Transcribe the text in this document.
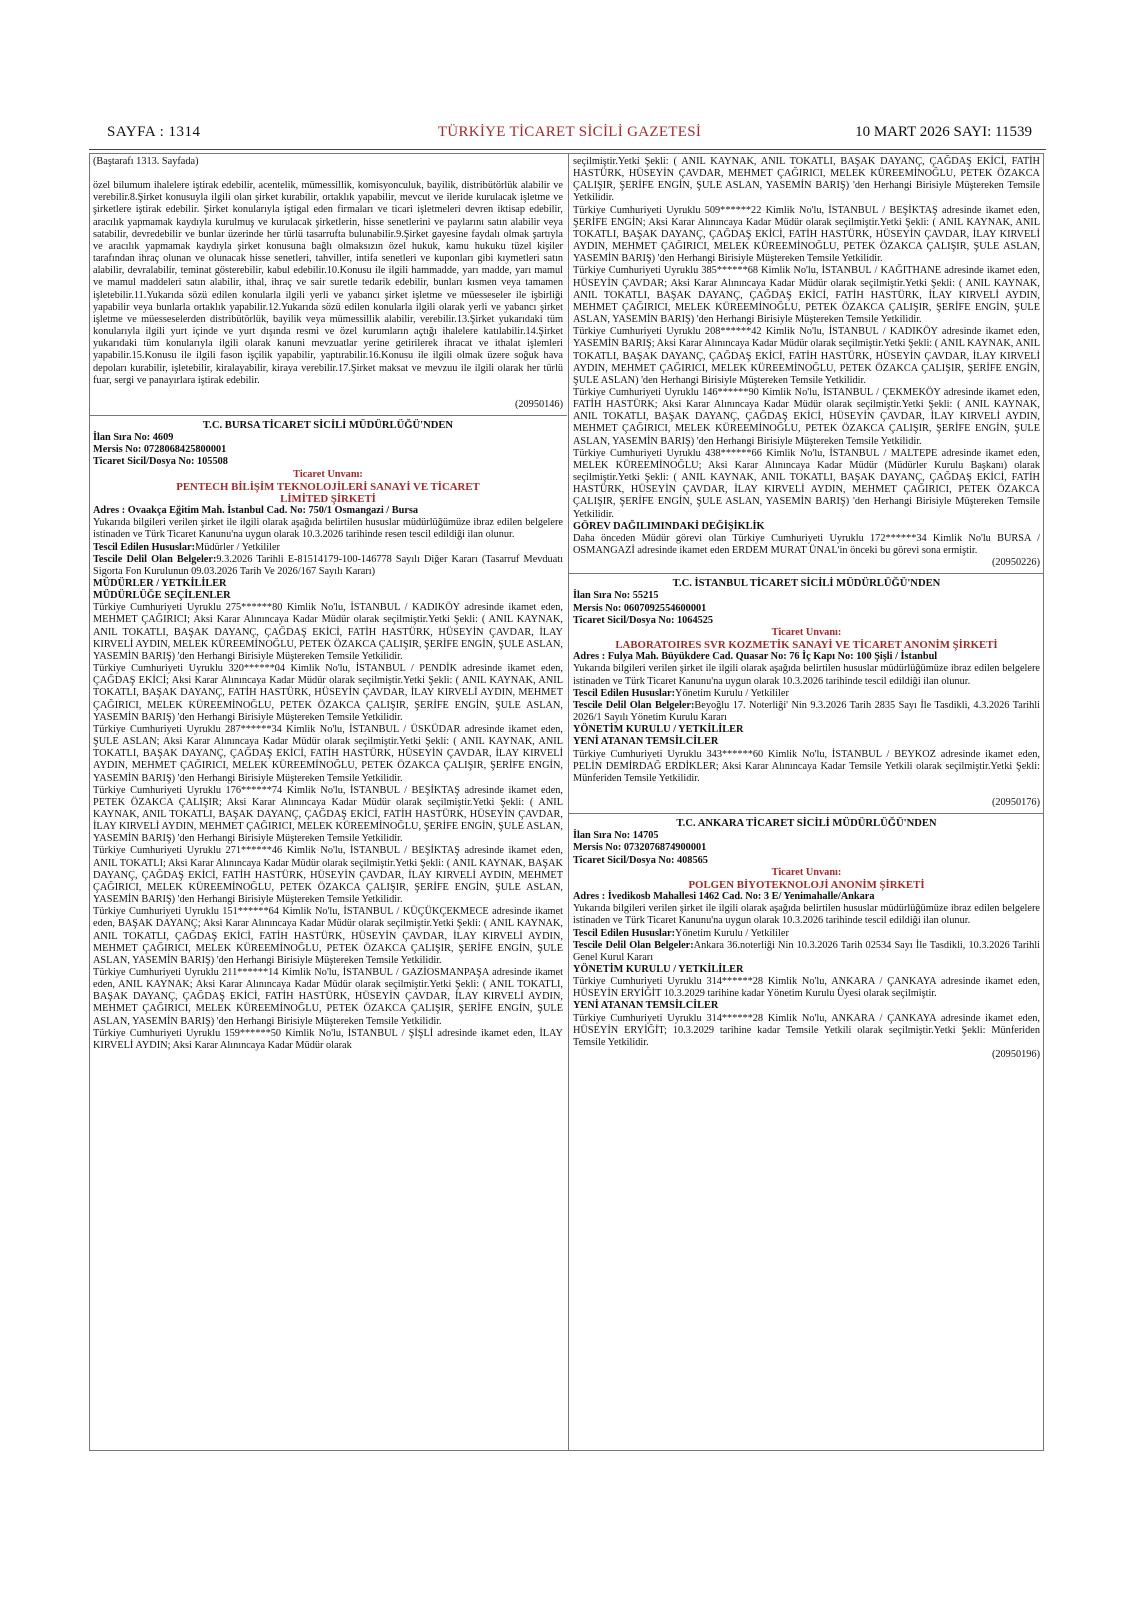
SAYFA : 1314	TÜRKİYE TİCARET SİCİLİ GAZETESİ	10 MART 2026 SAYI: 11539

(Baştarafı 1313. Sayfada)

özel bilumum ihalelere iştirak edebilir, acentelik, mümessillik, komisyonculuk, bayilik, distribütörlük alabilir ve verebilir.8.Şirket konusuyla ilgili olan şirket kurabilir, ortaklık yapabilir, mevcut ve ileride kurulacak işletme ve şirketlere iştirak edebilir. Şirket konularıyla iştigal eden firmaları ve ticari işletmeleri devren iktisap edebilir, aracılık yapmamak kaydıyla kurulmuş ve kurulacak şirketlerin, hisse senetlerini ve paylarını satın alabilir veya satabilir, devredebilir ve bunlar üzerinde her türlü tasarrufta bulunabilir.9.Şirket gayesine faydalı olmak şartıyla ve aracılık yapmamak kaydıyla şirket konusuna bağlı olmaksızın özel hukuk, kamu hukuku tüzel kişiler tarafından ihraç olunan ve olunacak hisse senetleri, tahviller, intifa senetleri ve kuponları gibi kıymetleri satın alabilir, devralabilir, teminat gösterebilir, kabul edebilir.10.Konusu ile ilgili hammadde, yarı madde, yarı mamul ve mamul maddeleri satın alabilir, ithal, ihraç ve sair suretle tedarik edebilir, bunları kısmen veya tamamen işletebilir.11.Yukarıda sözü edilen konularla ilgili yerli ve yabancı şirket işletme ve müesseseler ile işbirliği yapabilir veya bunlarla ortaklık yapabilir.12.Yukarıda sözü edilen konularla ilgili olarak yerli ve yabancı şirket işletme ve müesseselerden distribütörlük, bayilik veya mümessillik alabilir, verebilir.13.Şirket yukarıdaki tüm konularıyla ilgili yurt içinde ve yurt dışında resmi ve özel kurumların açtığı ihalelere katılabilir.14.Şirket yukarıdaki tüm konularıyla ilgili olarak kanuni mevzuatlar yerine getirilerek ihracat ve ithalat işlemleri yapabilir.15.Konusu ile ilgili fason işçilik yapabilir, yaptırabilir.16.Konusu ile ilgili olmak üzere soğuk hava depoları kurabilir, işletebilir, kiralayabilir, kiraya verebilir.17.Şirket maksat ve mevzuu ile ilgili olarak her türlü fuar, sergi ve panayırlara iştirak edebilir.

(20950146)

T.C. BURSA TİCARET SİCİLİ MÜDÜRLÜĞÜ'NDEN

İlan Sıra No: 4609

Mersis No: 0728068425800001

Ticaret Sicil/Dosya No: 105508

Ticaret Unvanı:

PENTECH BİLİŞİM TEKNOLOJİLERİ SANAYİ VE TİCARET LİMİTED ŞİRKETİ

Adres : Ovaakça Eğitim Mah. İstanbul Cad. No: 750/1 Osmangazi / Bursa

Yukarıda bilgileri verilen şirket ile ilgili olarak aşağıda belirtilen hususlar müdürlüğümüze ibraz edilen belgelere istinaden ve Türk Ticaret Kanunu'na uygun olarak 10.3.2026 tarihinde resen tescil edildiği ilan olunur.

Tescil Edilen Hususlar:Müdürler / Yetkililer

Tescile Delil Olan Belgeler:9.3.2026 Tarihli E-81514179-100-146778 Sayılı Diğer Kararı (Tasarruf Mevduatı Sigorta Fon Kurulunun 09.03.2026 Tarih Ve 2026/167 Sayılı Kararı)

MÜDÜRLER / YETKİLİLER

MÜDÜRLÜĞE SEÇİLENLER

Türkiye Cumhuriyeti Uyruklu 275******80 Kimlik No'lu, İSTANBUL / KADIKÖY adresinde ikamet eden, MEHMET ÇAĞIRICI; Aksi Karar Alınıncaya Kadar Müdür olarak seçilmiştir.Yetki Şekli: ( ANIL KAYNAK, ANIL TOKATLI, BAŞAK DAYANÇ, ÇAĞDAŞ EKİCİ, FATİH HASTÜRK, HÜSEYİN ÇAVDAR, İLAY KIRVELİ AYDIN, MELEK KÜREEMİNOĞLU, PETEK ÖZAKCA ÇALIŞIR, ŞERİFE ENGİN, ŞULE ASLAN, YASEMİN BARIŞ) 'den Herhangi Birisiyle Müştereken Temsile Yetkilidir.

Türkiye Cumhuriyeti Uyruklu 320******04 Kimlik No'lu, İSTANBUL / PENDİK adresinde ikamet eden, ÇAĞDAŞ EKİCİ; Aksi Karar Alınıncaya Kadar Müdür olarak seçilmiştir.Yetki Şekli: ( ANIL KAYNAK, ANIL TOKATLI, BAŞAK DAYANÇ, FATİH HASTÜRK, HÜSEYİN ÇAVDAR, İLAY KIRVELİ AYDIN, MEHMET ÇAĞIRICI, MELEK KÜREEMİNOĞLU, PETEK ÖZAKCA ÇALIŞIR, ŞERİFE ENGİN, ŞULE ASLAN, YASEMİN BARIŞ) 'den Herhangi Birisiyle Müştereken Temsile Yetkilidir.

Türkiye Cumhuriyeti Uyruklu 287******34 Kimlik No'lu, İSTANBUL / ÜSKÜDAR adresinde ikamet eden, ŞULE ASLAN; Aksi Karar Alınıncaya Kadar Müdür olarak seçilmiştir.Yetki Şekli: ( ANIL KAYNAK, ANIL TOKATLI, BAŞAK DAYANÇ, ÇAĞDAŞ EKİCİ, FATİH HASTÜRK, HÜSEYİN ÇAVDAR, İLAY KIRVELİ AYDIN, MEHMET ÇAĞIRICI, MELEK KÜREEMİNOĞLU, PETEK ÖZAKCA ÇALIŞIR, ŞERİFE ENGİN, YASEMİN BARIŞ) 'den Herhangi Birisiyle Müştereken Temsile Yetkilidir.

Türkiye Cumhuriyeti Uyruklu 176******74 Kimlik No'lu, İSTANBUL / BEŞİKTAŞ adresinde ikamet eden, PETEK ÖZAKCA ÇALIŞIR; Aksi Karar Alınıncaya Kadar Müdür olarak seçilmiştir.Yetki Şekli: ( ANIL KAYNAK, ANIL TOKATLI, BAŞAK DAYANÇ, ÇAĞDAŞ EKİCİ, FATİH HASTÜRK, HÜSEYİN ÇAVDAR, İLAY KIRVELİ AYDIN, MEHMET ÇAĞIRICI, MELEK KÜREEMİNOĞLU, ŞERİFE ENGİN, ŞULE ASLAN, YASEMİN BARIŞ) 'den Herhangi Birisiyle Müştereken Temsile Yetkilidir.

Türkiye Cumhuriyeti Uyruklu 271******46 Kimlik No'lu, İSTANBUL / BEŞİKTAŞ adresinde ikamet eden, ANIL TOKATLI; Aksi Karar Alınıncaya Kadar Müdür olarak seçilmiştir.Yetki Şekli: ( ANIL KAYNAK, BAŞAK DAYANÇ, ÇAĞDAŞ EKİCİ, FATİH HASTÜRK, HÜSEYİN ÇAVDAR, İLAY KIRVELİ AYDIN, MEHMET ÇAĞIRICI, MELEK KÜREEMİNOĞLU, PETEK ÖZAKCA ÇALIŞIR, ŞERİFE ENGİN, ŞULE ASLAN, YASEMİN BARIŞ) 'den Herhangi Birisiyle Müştereken Temsile Yetkilidir.

Türkiye Cumhuriyeti Uyruklu 151******64 Kimlik No'lu, İSTANBUL / KÜÇÜKÇEKMECE adresinde ikamet eden, BAŞAK DAYANÇ; Aksi Karar Alınıncaya Kadar Müdür olarak seçilmiştir.Yetki Şekli: ( ANIL KAYNAK, ANIL TOKATLI, ÇAĞDAŞ EKİCİ, FATİH HASTÜRK, HÜSEYİN ÇAVDAR, İLAY KIRVELİ AYDIN, MEHMET ÇAĞIRICI, MELEK KÜREEMİNOĞLU, PETEK ÖZAKCA ÇALIŞIR, ŞERİFE ENGİN, ŞULE ASLAN, YASEMİN BARIŞ) 'den Herhangi Birisiyle Müştereken Temsile Yetkilidir.

Türkiye Cumhuriyeti Uyruklu 211******14 Kimlik No'lu, İSTANBUL / GAZİOSMANPAŞA adresinde ikamet eden, ANIL KAYNAK; Aksi Karar Alınıncaya Kadar Müdür olarak seçilmiştir.Yetki Şekli: ( ANIL TOKATLI, BAŞAK DAYANÇ, ÇAĞDAŞ EKİCİ, FATİH HASTÜRK, HÜSEYİN ÇAVDAR, İLAY KIRVELİ AYDIN, MEHMET ÇAĞIRICI, MELEK KÜREEMİNOĞLU, PETEK ÖZAKCA ÇALIŞIR, ŞERİFE ENGİN, ŞULE ASLAN, YASEMİN BARIŞ) 'den Herhangi Birisiyle Müştereken Temsile Yetkilidir.

Türkiye Cumhuriyeti Uyruklu 159******50 Kimlik No'lu, İSTANBUL / ŞİŞLİ adresinde ikamet eden, İLAY KIRVELİ AYDIN; Aksi Karar Alınıncaya Kadar Müdür olarak

seçilmiştir.Yetki Şekli: ( ANIL KAYNAK, ANIL TOKATLI, BAŞAK DAYANÇ, ÇAĞDAŞ EKİCİ, FATİH HASTÜRK, HÜSEYİN ÇAVDAR, MEHMET ÇAĞIRICI, MELEK KÜREEMİNOĞLU, PETEK ÖZAKCA ÇALIŞIR, ŞERİFE ENGİN, ŞULE ASLAN, YASEMİN BARIŞ) 'den Herhangi Birisiyle Müştereken Temsile Yetkilidir.

Türkiye Cumhuriyeti Uyruklu 509******22 Kimlik No'lu, İSTANBUL / BEŞİKTAŞ adresinde ikamet eden, ŞERİFE ENGİN; Aksi Karar Alınıncaya Kadar Müdür olarak seçilmiştir.Yetki Şekli: ( ANIL KAYNAK, ANIL TOKATLI, BAŞAK DAYANÇ, ÇAĞDAŞ EKİCİ, FATİH HASTÜRK, HÜSEYİN ÇAVDAR, İLAY KIRVELİ AYDIN, MEHMET ÇAĞIRICI, MELEK KÜREEMİNOĞLU, PETEK ÖZAKCA ÇALIŞIR, ŞULE ASLAN, YASEMİN BARIŞ) 'den Herhangi Birisiyle Müştereken Temsile Yetkilidir.

Türkiye Cumhuriyeti Uyruklu 385******68 Kimlik No'lu, İSTANBUL / KAĞITHANE adresinde ikamet eden, HÜSEYİN ÇAVDAR; Aksi Karar Alınıncaya Kadar Müdür olarak seçilmiştir.Yetki Şekli: ( ANIL KAYNAK, ANIL TOKATLI, BAŞAK DAYANÇ, ÇAĞDAŞ EKİCİ, FATİH HASTÜRK, İLAY KIRVELİ AYDIN, MEHMET ÇAĞIRICI, MELEK KÜREEMİNOĞLU, PETEK ÖZAKCA ÇALIŞIR, ŞERİFE ENGİN, ŞULE ASLAN, YASEMİN BARIŞ) 'den Herhangi Birisiyle Müştereken Temsile Yetkilidir.

Türkiye Cumhuriyeti Uyruklu 208******42 Kimlik No'lu, İSTANBUL / KADIKÖY adresinde ikamet eden, YASEMİN BARIŞ; Aksi Karar Alınıncaya Kadar Müdür olarak seçilmiştir.Yetki Şekli: ( ANIL KAYNAK, ANIL TOKATLI, BAŞAK DAYANÇ, ÇAĞDAŞ EKİCİ, FATİH HASTÜRK, HÜSEYİN ÇAVDAR, İLAY KIRVELİ AYDIN, MEHMET ÇAĞIRICI, MELEK KÜREEMİNOĞLU, PETEK ÖZAKCA ÇALIŞIR, ŞERİFE ENGİN, ŞULE ASLAN) 'den Herhangi Birisiyle Müştereken Temsile Yetkilidir.

Türkiye Cumhuriyeti Uyruklu 146******90 Kimlik No'lu, İSTANBUL / ÇEKMEKÖY adresinde ikamet eden, FATİH HASTÜRK; Aksi Karar Alınıncaya Kadar Müdür olarak seçilmiştir.Yetki Şekli: ( ANIL KAYNAK, ANIL TOKATLI, BAŞAK DAYANÇ, ÇAĞDAŞ EKİCİ, HÜSEYİN ÇAVDAR, İLAY KIRVELİ AYDIN, MEHMET ÇAĞIRICI, MELEK KÜREEMİNOĞLU, PETEK ÖZAKCA ÇALIŞIR, ŞERİFE ENGİN, ŞULE ASLAN, YASEMİN BARIŞ) 'den Herhangi Birisiyle Müştereken Temsile Yetkilidir.

Türkiye Cumhuriyeti Uyruklu 438******66 Kimlik No'lu, İSTANBUL / MALTEPE adresinde ikamet eden, MELEK KÜREEMİNOĞLU; Aksi Karar Alınıncaya Kadar Müdür (Müdürler Kurulu Başkanı) olarak seçilmiştir.Yetki Şekli: ( ANIL KAYNAK, ANIL TOKATLI, BAŞAK DAYANÇ, ÇAĞDAŞ EKİCİ, FATİH HASTÜRK, HÜSEYİN ÇAVDAR, İLAY KIRVELİ AYDIN, MEHMET ÇAĞIRICI, PETEK ÖZAKCA ÇALIŞIR, ŞERİFE ENGİN, ŞULE ASLAN, YASEMİN BARIŞ) 'den Herhangi Birisiyle Müştereken Temsile Yetkilidir.

GÖREV DAĞILIMINDAKİ DEĞİŞİKLİK

Daha önceden Müdür görevi olan Türkiye Cumhuriyeti Uyruklu 172******34 Kimlik No'lu BURSA / OSMANGAZİ adresinde ikamet eden ERDEM MURAT ÜNAL'in önceki bu görevi sona ermiştir.

(20950226)

T.C. İSTANBUL TİCARET SİCİLİ MÜDÜRLÜĞÜ'NDEN

İlan Sıra No: 55215

Mersis No: 0607092554600001

Ticaret Sicil/Dosya No: 1064525

Ticaret Unvanı:

LABORATOIRES SVR KOZMETİK SANAYİ VE TİCARET ANONİM ŞİRKETİ

Adres : Fulya Mah. Büyükdere Cad. Quasar No: 76 İç Kapı No: 100 Şişli / İstanbul

Yukarıda bilgileri verilen şirket ile ilgili olarak aşağıda belirtilen hususlar müdürlüğümüze ibraz edilen belgelere istinaden ve Türk Ticaret Kanunu'na uygun olarak 10.3.2026 tarihinde tescil edildiği ilan olunur.

Tescil Edilen Hususlar:Yönetim Kurulu / Yetkililer

Tescile Delil Olan Belgeler:Beyoğlu 17. Noterliği' Nin 9.3.2026 Tarih 2835 Sayı İle Tasdikli, 4.3.2026 Tarihli 2026/1 Sayılı Yönetim Kurulu Kararı

YÖNETİM KURULU / YETKİLİLER

YENİ ATANAN TEMSİLCİLER

Türkiye Cumhuriyeti Uyruklu 343******60 Kimlik No'lu, İSTANBUL / BEYKOZ adresinde ikamet eden, PELİN DEMİRDAĞ ERDİKLER; Aksi Karar Alınıncaya Kadar Temsile Yetkili olarak seçilmiştir.Yetki Şekli: Münferiden Temsile Yetkilidir.

(20950176)

T.C. ANKARA TİCARET SİCİLİ MÜDÜRLÜĞÜ'NDEN

İlan Sıra No: 14705

Mersis No: 0732076874900001

Ticaret Sicil/Dosya No: 408565

Ticaret Unvanı:

POLGEN BİYOTEKNOLOJİ ANONİM ŞİRKETİ

Adres : İvedikosb Mahallesi 1462 Cad. No: 3 E/ Yenimahalle/Ankara

Yukarıda bilgileri verilen şirket ile ilgili olarak aşağıda belirtilen hususlar müdürlüğümüze ibraz edilen belgelere istinaden ve Türk Ticaret Kanunu'na uygun olarak 10.3.2026 tarihinde tescil edildiği ilan olunur.

Tescil Edilen Hususlar:Yönetim Kurulu / Yetkililer

Tescile Delil Olan Belgeler:Ankara 36.noterliği Nin 10.3.2026 Tarih 02534 Sayı İle Tasdikli, 10.3.2026 Tarihli Genel Kurul Kararı

YÖNETİM KURULU / YETKİLİLER

Türkiye Cumhuriyeti Uyruklu 314******28 Kimlik No'lu, ANKARA / ÇANKAYA adresinde ikamet eden, HÜSEYİN ERYİĞİT 10.3.2029 tarihine kadar Yönetim Kurulu Üyesi olarak seçilmiştir.

YENİ ATANAN TEMSİLCİLER

Türkiye Cumhuriyeti Uyruklu 314******28 Kimlik No'lu, ANKARA / ÇANKAYA adresinde ikamet eden, HÜSEYİN ERYİĞİT; 10.3.2029 tarihine kadar Temsile Yetkili olarak seçilmiştir.Yetki Şekli: Münferiden Temsile Yetkilidir.

(20950196)
